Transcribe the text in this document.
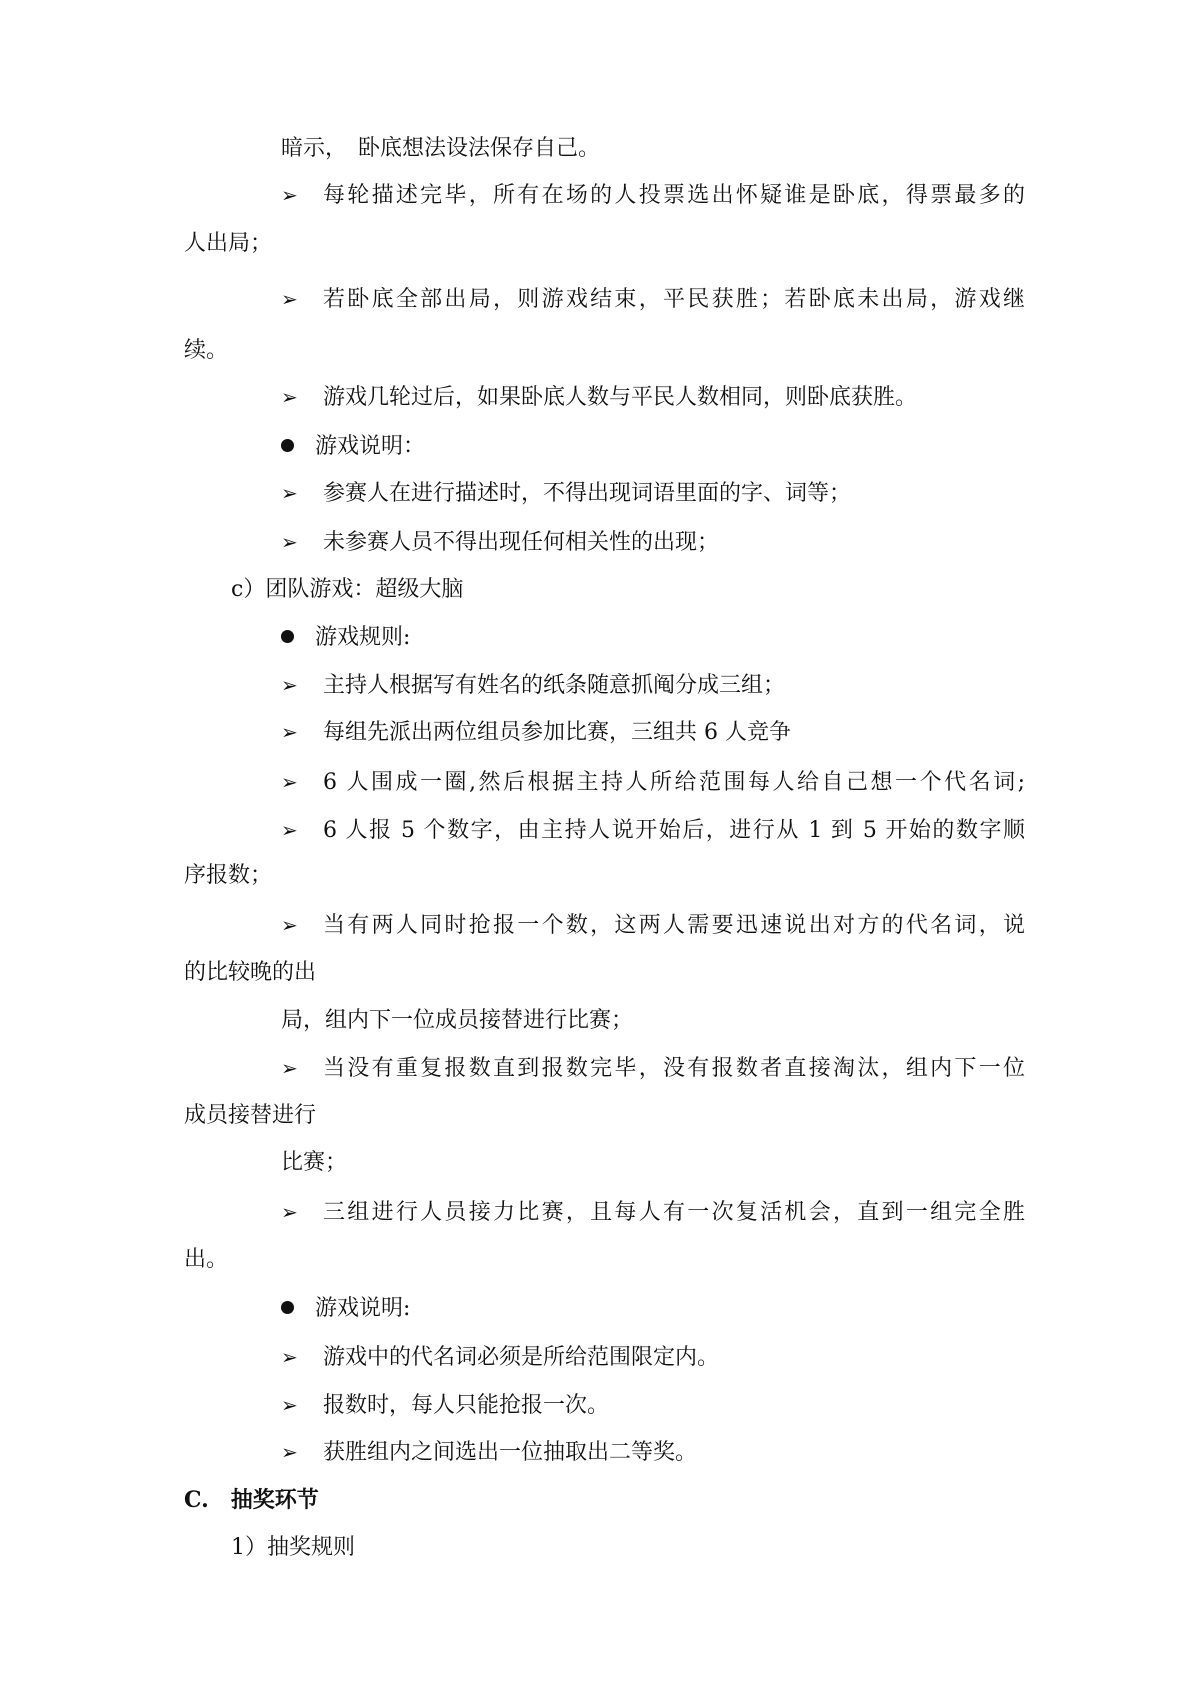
暗示，　卧底想法设法保存自己。
➢ 每轮描述完毕，所有在场的人投票选出怀疑谁是卧底，得票最多的
人出局；
➢ 若卧底全部出局，则游戏结束，平民获胜；若卧底未出局，游戏继
续。
➢ 游戏几轮过后，如果卧底人数与平民人数相同，则卧底获胜。
游戏说明：
➢ 参赛人在进行描述时，不得出现词语里面的字、词等；
➢ 未参赛人员不得出现任何相关性的出现；
c）团队游戏：超级大脑
游戏规则:
➢ 主持人根据写有姓名的纸条随意抓阄分成三组；
➢ 每组先派出两位组员参加比赛，三组共 6 人竞争
➢ 6 人围成一圈,然后根据主持人所给范围每人给自己想一个代名词;
➢ 6 人报 5 个数字，由主持人说开始后，进行从 1 到 5 开始的数字顺
序报数；
➢ 当有两人同时抢报一个数，这两人需要迅速说出对方的代名词，说
的比较晚的出
局，组内下一位成员接替进行比赛；
➢ 当没有重复报数直到报数完毕，没有报数者直接淘汰，组内下一位
成员接替进行
比赛；
➢ 三组进行人员接力比赛，且每人有一次复活机会，直到一组完全胜
出。
游戏说明:
➢ 游戏中的代名词必须是所给范围限定内。
➢ 报数时，每人只能抢报一次。
➢ 获胜组内之间选出一位抽取出二等奖。
C.　抽奖环节
1）抽奖规则
